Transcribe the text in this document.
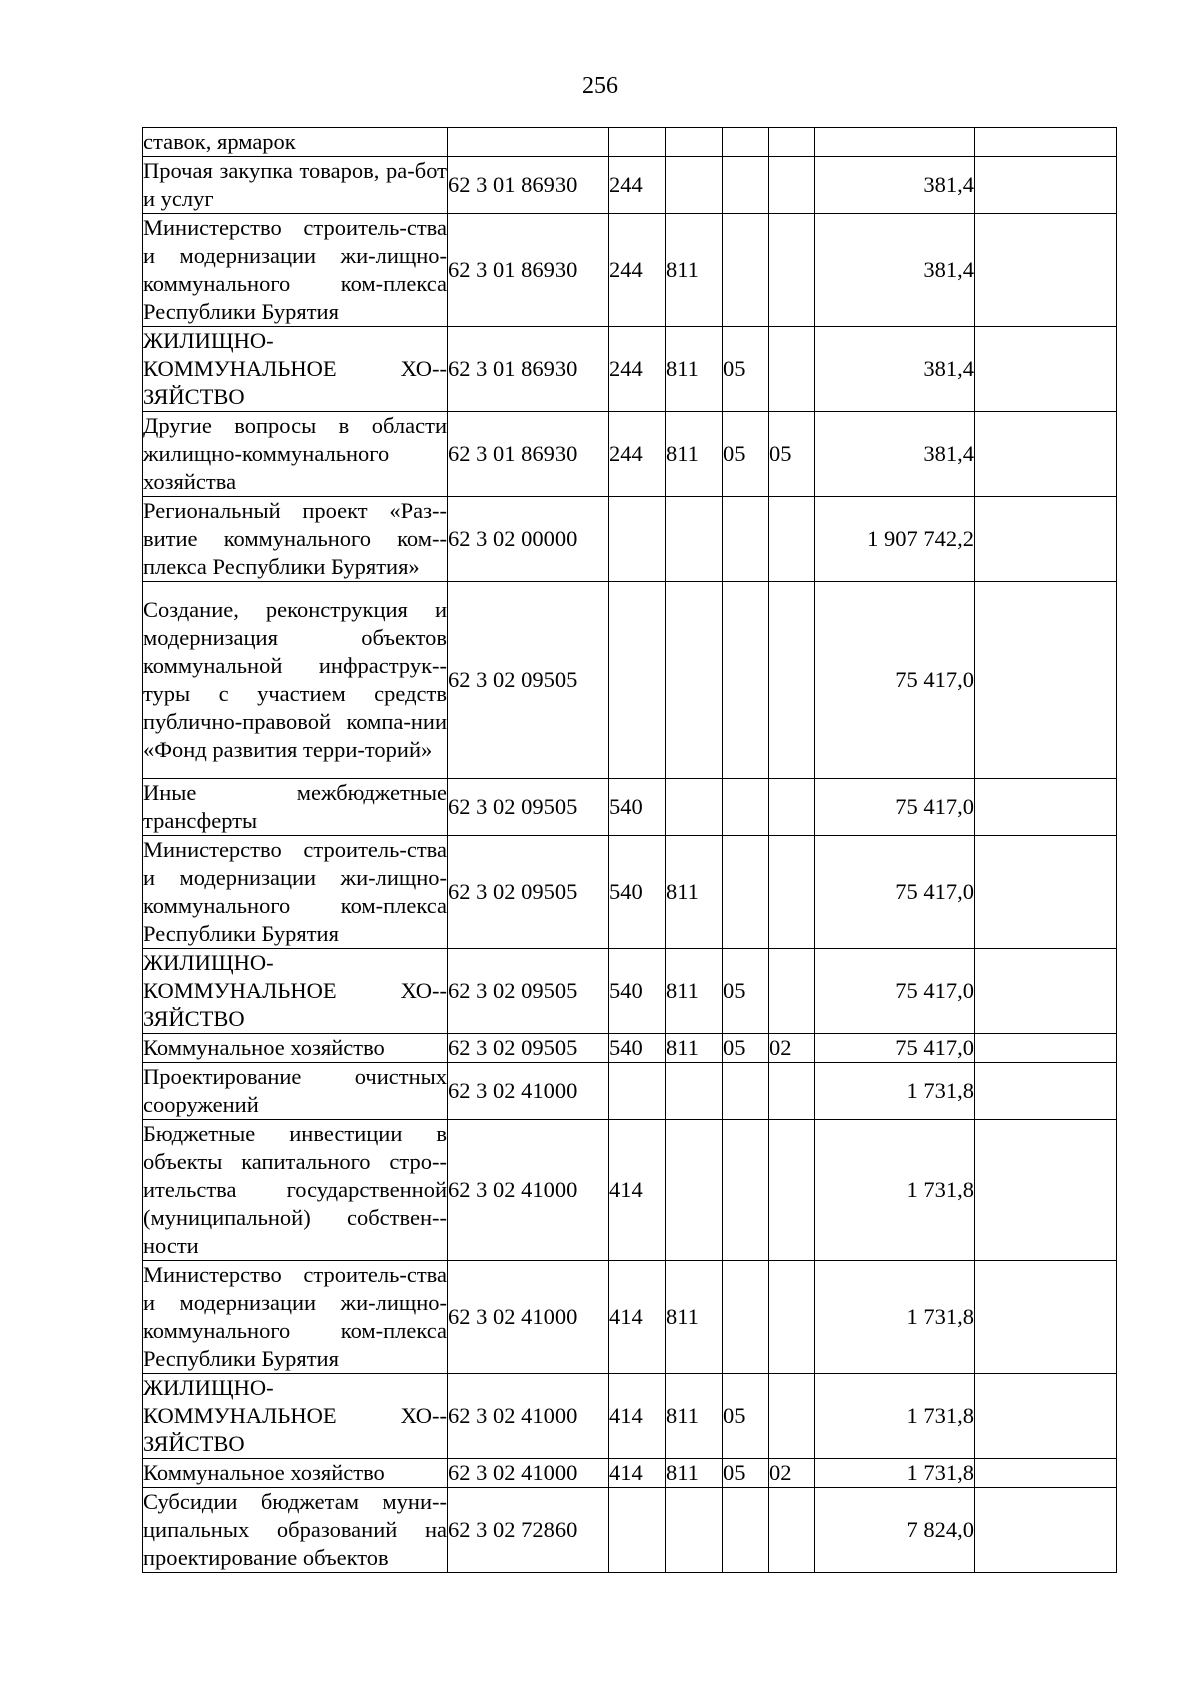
256
ставок, ярмарок							
Прочая закупка товаров, ра-бот и услуг	62 3 01 86930	244				381,4	
Министерство строитель-ства и модернизации жи-лищно-коммунального ком-плекса Республики Бурятия	62 3 01 86930	244	811			381,4	
ЖИЛИЩНО-​КОММУНАЛЬНОЕ ХО-ЗЯЙСТВО	62 3 01 86930	244	811	05		381,4	
Другие вопросы в области жилищно-коммунального хозяйства	62 3 01 86930	244	811	05	05	381,4	
Региональный проект «Раз-витие коммунального ком-плекса Республики Бурятия»	62 3 02 00000					1 907 742,2	
Создание, реконструкция и модернизация объектов коммунальной инфраструк-туры с участием средств публично-правовой компа-нии «Фонд развития терри-торий»	62 3 02 09505					75 417,0	
Иные межбюджетные трансферты	62 3 02 09505	540				75 417,0	
Министерство строитель-ства и модернизации жи-лищно-коммунального ком-плекса Республики Бурятия	62 3 02 09505	540	811			75 417,0	
ЖИЛИЩНО-​КОММУНАЛЬНОЕ ХО-ЗЯЙСТВО	62 3 02 09505	540	811	05		75 417,0	
Коммунальное хозяйство	62 3 02 09505	540	811	05	02	75 417,0	
Проектирование очистных сооружений	62 3 02 41000					1 731,8	
Бюджетные инвестиции в объекты капитального стро-ительства государственной (муниципальной) собствен-ности	62 3 02 41000	414				1 731,8	
Министерство строитель-ства и модернизации жи-лищно-коммунального ком-плекса Республики Бурятия	62 3 02 41000	414	811			1 731,8	
ЖИЛИЩНО-​КОММУНАЛЬНОЕ ХО-ЗЯЙСТВО	62 3 02 41000	414	811	05		1 731,8	
Коммунальное хозяйство	62 3 02 41000	414	811	05	02	1 731,8	
Субсидии бюджетам муни-ципальных образований на проектирование объектов	62 3 02 72860					7 824,0	
